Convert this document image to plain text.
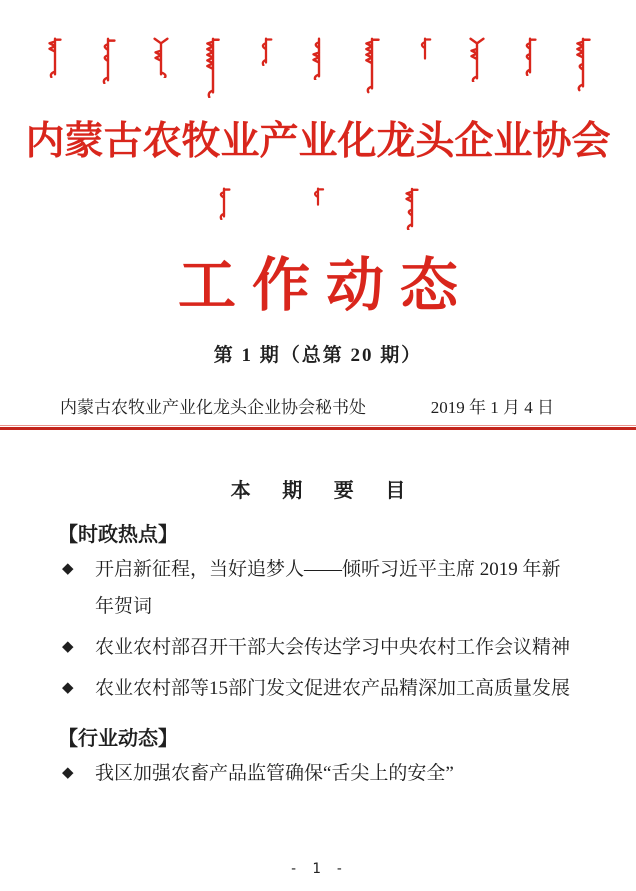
内蒙古农牧业产业化龙头企业协会
工作动态
第 1 期（总第 20 期）
内蒙古农牧业产业化龙头企业协会秘书处	2019 年 1 月 4 日
本 期 要 目
【时政热点】
◆	开启新征程，当好追梦人——倾听习近平主席 2019 年新年贺词
◆	农业农村部召开干部大会传达学习中央农村工作会议精神
◆	农业农村部等15部门发文促进农产品精深加工高质量发展
【行业动态】
◆	我区加强农畜产品监管确保“舌尖上的安全”
- 1 -
